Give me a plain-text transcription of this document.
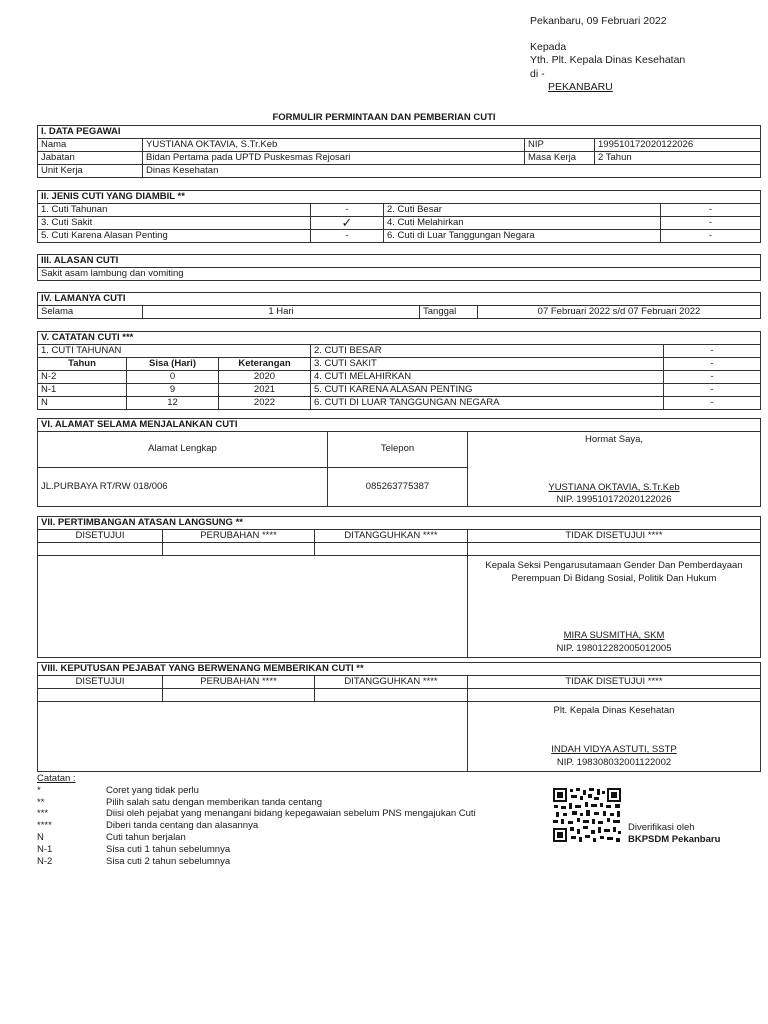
Pekanbaru, 09 Februari 2022
Kepada
Yth. Plt. Kepala Dinas Kesehatan
di -
PEKANBARU
FORMULIR PERMINTAAN DAN PEMBERIAN CUTI
I. DATA PEGAWAI			
Nama	YUSTIANA OKTAVIA, S.Tr.Keb	NIP	199510172020122026
Jabatan	Bidan Pertama pada UPTD Puskesmas Rejosari	Masa Kerja	2 Tahun
Unit Kerja	Dinas Kesehatan		
II. JENIS CUTI YANG DIAMBIL **			
1. Cuti Tahunan	-	2. Cuti Besar	-
3. Cuti Sakit	✓	4. Cuti Melahirkan	-
5. Cuti Karena Alasan Penting	-	6. Cuti di Luar Tanggungan Negara	-
III. ALASAN CUTI
Sakit asam lambung dan vomiting
IV. LAMANYA CUTI
Selama	1 Hari	Tanggal	07 Februari 2022 s/d 07 Februari 2022
V. CATATAN CUTI ***				
1. CUTI TAHUNAN			2. CUTI BESAR	-
Tahun	Sisa (Hari)	Keterangan	3. CUTI SAKIT	-
N-2	0	2020	4. CUTI MELAHIRKAN	-
N-1	9	2021	5. CUTI KARENA ALASAN PENTING	-
N	12	2022	6. CUTI DI LUAR TANGGUNGAN NEGARA	-
VI. ALAMAT SELAMA MENJALANKAN CUTI		
Alamat Lengkap	Telepon	Hormat Saya,
YUSTIANA OKTAVIA, S.Tr.Keb
NIP. 199510172020122026

JL.PURBAYA RT/RW 018/006	085263775387	
VII. PERTIMBANGAN ATASAN LANGSUNG **			
DISETUJUI	PERUBAHAN ****	DITANGGUHKAN ****	TIDAK DISETUJUI ****

			Kepala Seksi Pengarusutamaan Gender Dan Pemberdayaan Perempuan Di Bidang Sosial, Politik Dan Hukum
MIRA SUSMITHA, SKM
NIP. 198012282005012005
VIII. KEPUTUSAN PEJABAT YANG BERWENANG MEMBERIKAN CUTI **			
DISETUJUI	PERUBAHAN ****	DITANGGUHKAN ****	TIDAK DISETUJUI ****

			Plt. Kepala Dinas Kesehatan
INDAH VIDYA ASTUTI, SSTP
NIP. 198308032001122002
Catatan :
*	Coret yang tidak perlu
**	Pilih salah satu dengan memberikan tanda centang
***	Diisi oleh pejabat yang menangani bidang kepegawaian sebelum PNS mengajukan Cuti
****	Diberi tanda centang dan alasannya
N	Cuti tahun berjalan
N-1	Sisa cuti 1 tahun sebelumnya
N-2	Sisa cuti 2 tahun sebelumnya
Diverifikasi oleh
BKPSDM Pekanbaru
